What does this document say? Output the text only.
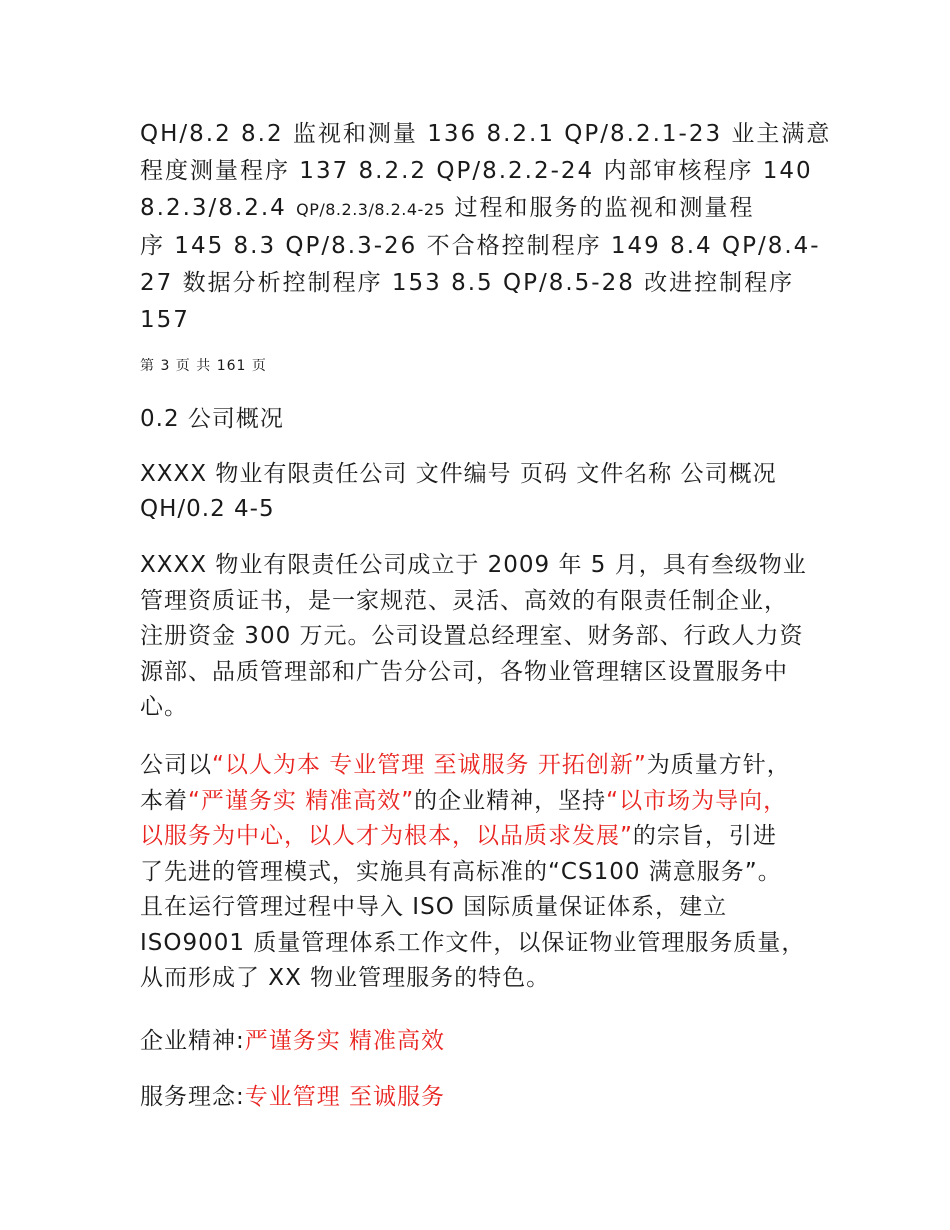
QH/8.2 8.2 监视和测量 136 8.2.1 QP/8.2.1-23 业主满意

程度测量程序 137 8.2.2 QP/8.2.2-24 内部审核程序 140

8.2.3/8.2.4 QP/8.2.3/8.2.4-25 过程和服务的监视和测量程

序 145 8.3 QP/8.3-26 不合格控制程序 149 8.4 QP/8.4-

27 数据分析控制程序 153 8.5 QP/8.5-28 改进控制程序

157

第 3 页 共 161 页
0.2 公司概况

XXXX 物业有限责任公司 文件编号 页码 文件名称 公司概况

QH/0.2 4-5

XXXX 物业有限责任公司成立于 2009 年 5 月，具有叁级物业

管理资质证书，是一家规范、灵活、高效的有限责任制企业，

注册资金 300 万元。公司设置总经理室、财务部、行政人力资

源部、品质管理部和广告分公司，各物业管理辖区设置服务中

心。

公司以“以人为本 专业管理 至诚服务 开拓创新”为质量方针，

本着“严谨务实 精准高效”的企业精神，坚持“以市场为导向，

以服务为中心，以人才为根本，以品质求发展”的宗旨，引进

了先进的管理模式，实施具有高标准的“CS100 满意服务”。

且在运行管理过程中导入 ISO 国际质量保证体系，建立

ISO9001 质量管理体系工作文件，以保证物业管理服务质量，

从而形成了 XX 物业管理服务的特色。

企业精神:严谨务实 精准高效
服务理念:专业管理 至诚服务
